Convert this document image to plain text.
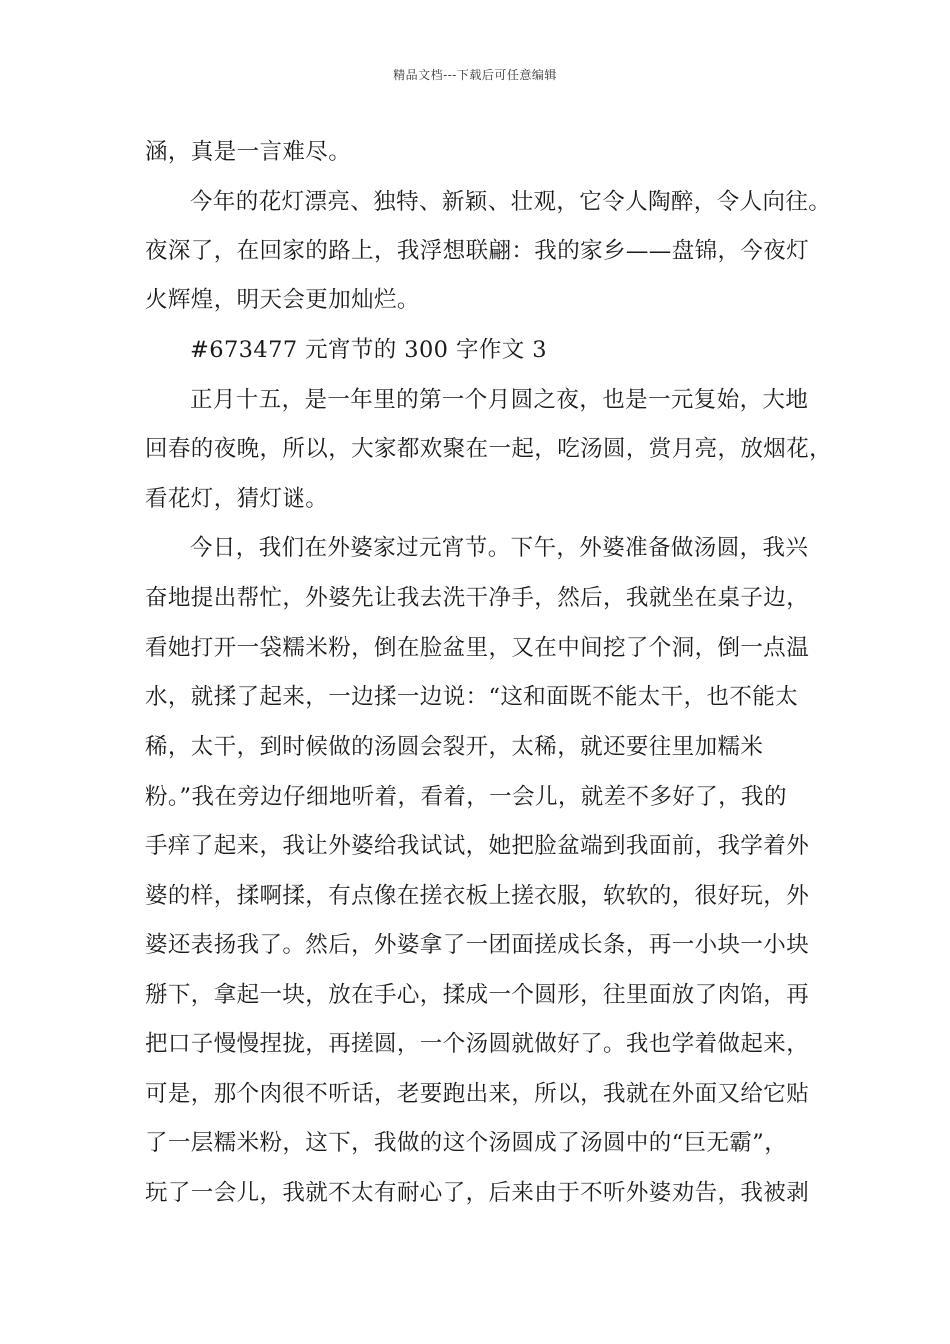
精品文档---下载后可任意编辑
涵，真是一言难尽。
今年的花灯漂亮、独特、新颖、壮观，它令人陶醉，令人向往。
夜深了，在回家的路上，我浮想联翩：我的家乡——盘锦，今夜灯
火辉煌，明天会更加灿烂。
#673477 元宵节的 300 字作文 3
正月十五，是一年里的第一个月圆之夜，也是一元复始，大地
回春的夜晚，所以，大家都欢聚在一起，吃汤圆，赏月亮，放烟花，
看花灯，猜灯谜。
今日，我们在外婆家过元宵节。下午，外婆准备做汤圆，我兴
奋地提出帮忙，外婆先让我去洗干净手，然后，我就坐在桌子边，
看她打开一袋糯米粉，倒在脸盆里，又在中间挖了个洞，倒一点温
水，就揉了起来，一边揉一边说：“这和面既不能太干，也不能太
稀，太干，到时候做的汤圆会裂开，太稀，就还要往里加糯米
粉。”我在旁边仔细地听着，看着，一会儿，就差不多好了，我的
手痒了起来，我让外婆给我试试，她把脸盆端到我面前，我学着外
婆的样，揉啊揉，有点像在搓衣板上搓衣服，软软的，很好玩，外
婆还表扬我了。然后，外婆拿了一团面搓成长条，再一小块一小块
掰下，拿起一块，放在手心，揉成一个圆形，往里面放了肉馅，再
把口子慢慢捏拢，再搓圆，一个汤圆就做好了。我也学着做起来，
可是，那个肉很不听话，老要跑出来，所以，我就在外面又给它贴
了一层糯米粉，这下，我做的这个汤圆成了汤圆中的“巨无霸”，
玩了一会儿，我就不太有耐心了，后来由于不听外婆劝告，我被剥
